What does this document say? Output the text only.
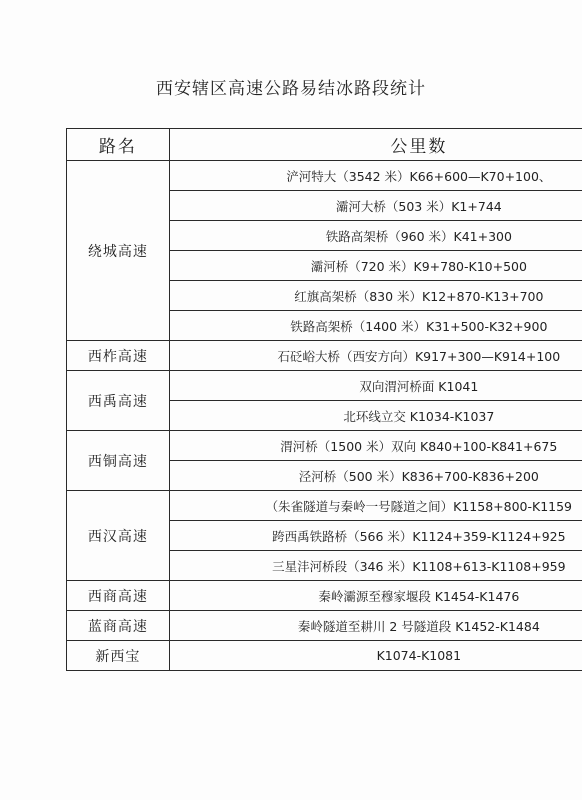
西安辖区高速公路易结冰路段统计
路名	公里数
绕城高速	浐河特大（3542 米）K66+600—K70+100、
	灞河大桥（503 米）K1+744
	铁路高架桥（960 米）K41+300
	灞河桥（720 米）K9+780-K10+500
	红旗高架桥（830 米）K12+870-K13+700
	铁路高架桥（1400 米）K31+500-K32+900
西柞高速	石砭峪大桥（西安方向）K917+300—K914+100
西禹高速	双向渭河桥面 K1041
	北环线立交 K1034-K1037
西铜高速	渭河桥（1500 米）双向 K840+100-K841+675
	泾河桥（500 米）K836+700-K836+200
西汉高速	（朱雀隧道与秦岭一号隧道之间）K1158+800-K1159
	跨西禹铁路桥（566 米）K1124+359-K1124+925
	三星沣河桥段（346 米）K1108+613-K1108+959
西商高速	秦岭灞源至穆家堰段 K1454-K1476
蓝商高速	秦岭隧道至耕川 2 号隧道段 K1452-K1484
新西宝	K1074-K1081
